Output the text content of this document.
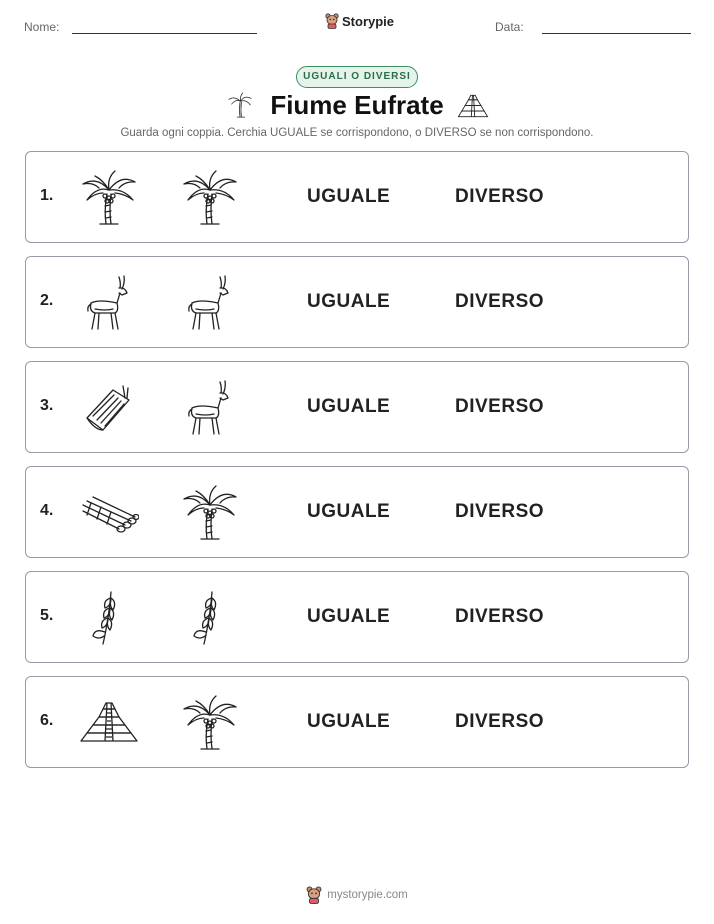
Nome:	Storypie	Data:
UGUALI O DIVERSI
Fiume Eufrate
Guarda ogni coppia. Cerchia UGUALE se corrispondono, o DIVERSO se non corrispondono.
1.	UGUALE	DIVERSO
2.	UGUALE	DIVERSO
3.	UGUALE	DIVERSO
4.	UGUALE	DIVERSO
5.	UGUALE	DIVERSO
6.	UGUALE	DIVERSO
mystorypie.com
